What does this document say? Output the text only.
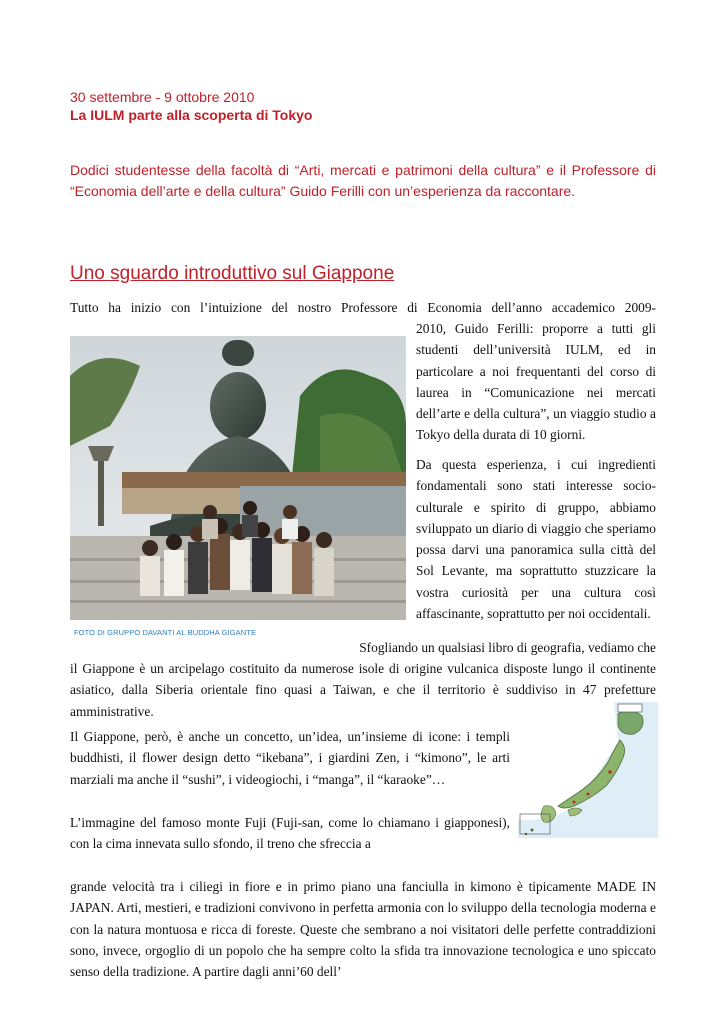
30 settembre - 9 ottobre 2010
La IULM parte alla scoperta di Tokyo
Dodici studentesse della facoltà di “Arti, mercati e patrimoni della cultura” e il Professore di “Economia dell’arte e della cultura” Guido Ferilli con un’esperienza da raccontare.
Uno sguardo introduttivo sul Giappone

Tutto ha inizio con l’intuizione del nostro Professore di Economia dell’anno accademico 2009-

2010, Guido Ferilli: proporre a tutti gli studenti dell’università IULM, ed in particolare a noi frequentanti del corso di laurea in “Comunicazione nei mercati dell’arte e della cultura”, un viaggio studio a Tokyo della durata di 10 giorni.

Da questa esperienza, i cui ingredienti fondamentali sono stati interesse socio-culturale e spirito di gruppo, abbiamo sviluppato un diario di viaggio che speriamo possa darvi una panoramica sulla città del Sol Levante, ma soprattutto stuzzicare la vostra curiosità per una cultura così affascinante, soprattutto per noi occidentali.

FOTO DI GRUPPO DAVANTI AL BUDDHA GIGANTE

Sfogliando un qualsiasi libro di geografia, vediamo che

il Giappone è un arcipelago costituito da numerose isole di origine vulcanica disposte lungo il continente asiatico, dalla Siberia orientale fino quasi a Taiwan, e che il territorio è suddiviso in 47 prefetture amministrative.

Il Giappone, però, è anche un concetto, un’idea, un’insieme di icone: i templi buddhisti, il flower design detto “ikebana”, i giardini Zen, i “kimono”, le arti marziali ma anche il “sushi”, i videogiochi, i “manga”, il “karaoke”…

L’immagine del famoso monte Fuji (Fuji-san, come lo chiamano i giapponesi), con la cima innevata sullo sfondo, il treno che sfreccia a

grande velocità tra i ciliegi in fiore e in primo piano una fanciulla in kimono è tipicamente MADE IN JAPAN. Arti, mestieri, e tradizioni convivono in perfetta armonia con lo sviluppo della tecnologia moderna e con la natura montuosa e ricca di foreste. Queste che sembrano a noi visitatori delle perfette contraddizioni sono, invece, orgoglio di un popolo che ha sempre colto la sfida tra innovazione tecnologica e uno spiccato senso della tradizione. A partire dagli anni’60 dell’
